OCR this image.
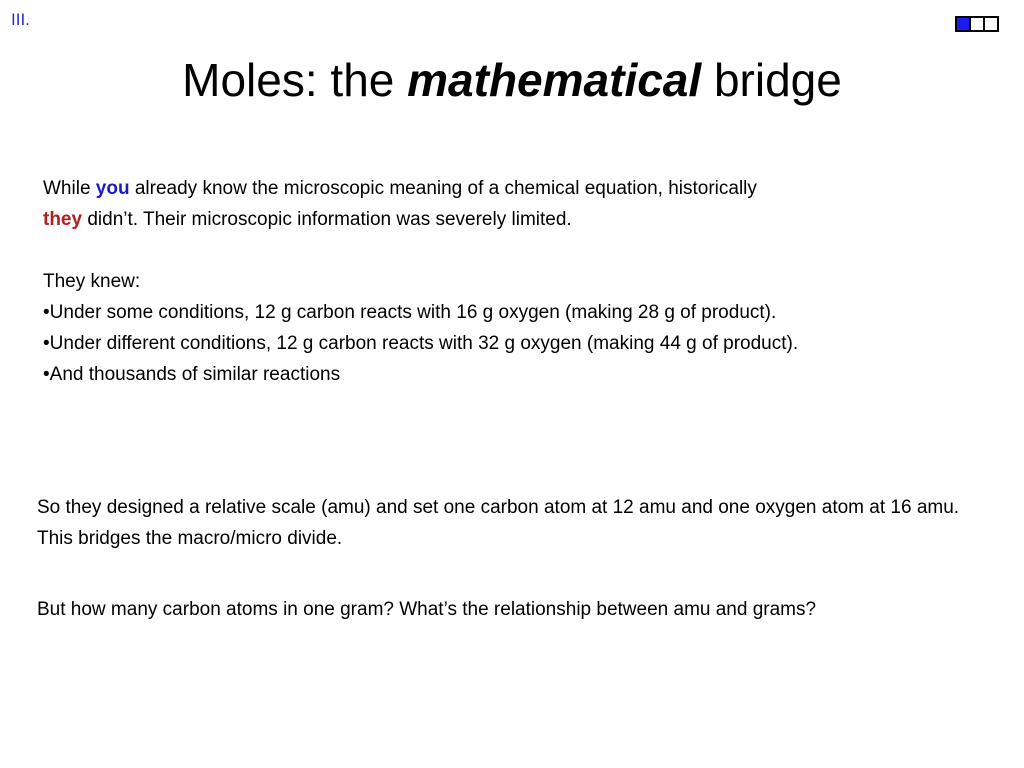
III.

Moles: the mathematical bridge
While you already know the microscopic meaning of a chemical equation, historically
they didn’t. Their microscopic information was severely limited.
They knew:
•Under some conditions, 12 g carbon reacts with 16 g oxygen (making 28 g of product).
•Under different conditions, 12 g carbon reacts with 32 g oxygen (making 44 g of product).
•And thousands of similar reactions

So they designed a relative scale (amu) and set one carbon atom at 12 amu and one oxygen atom at 16 amu. This bridges the macro/micro divide.

But how many carbon atoms in one gram? What’s the relationship between amu and grams?
